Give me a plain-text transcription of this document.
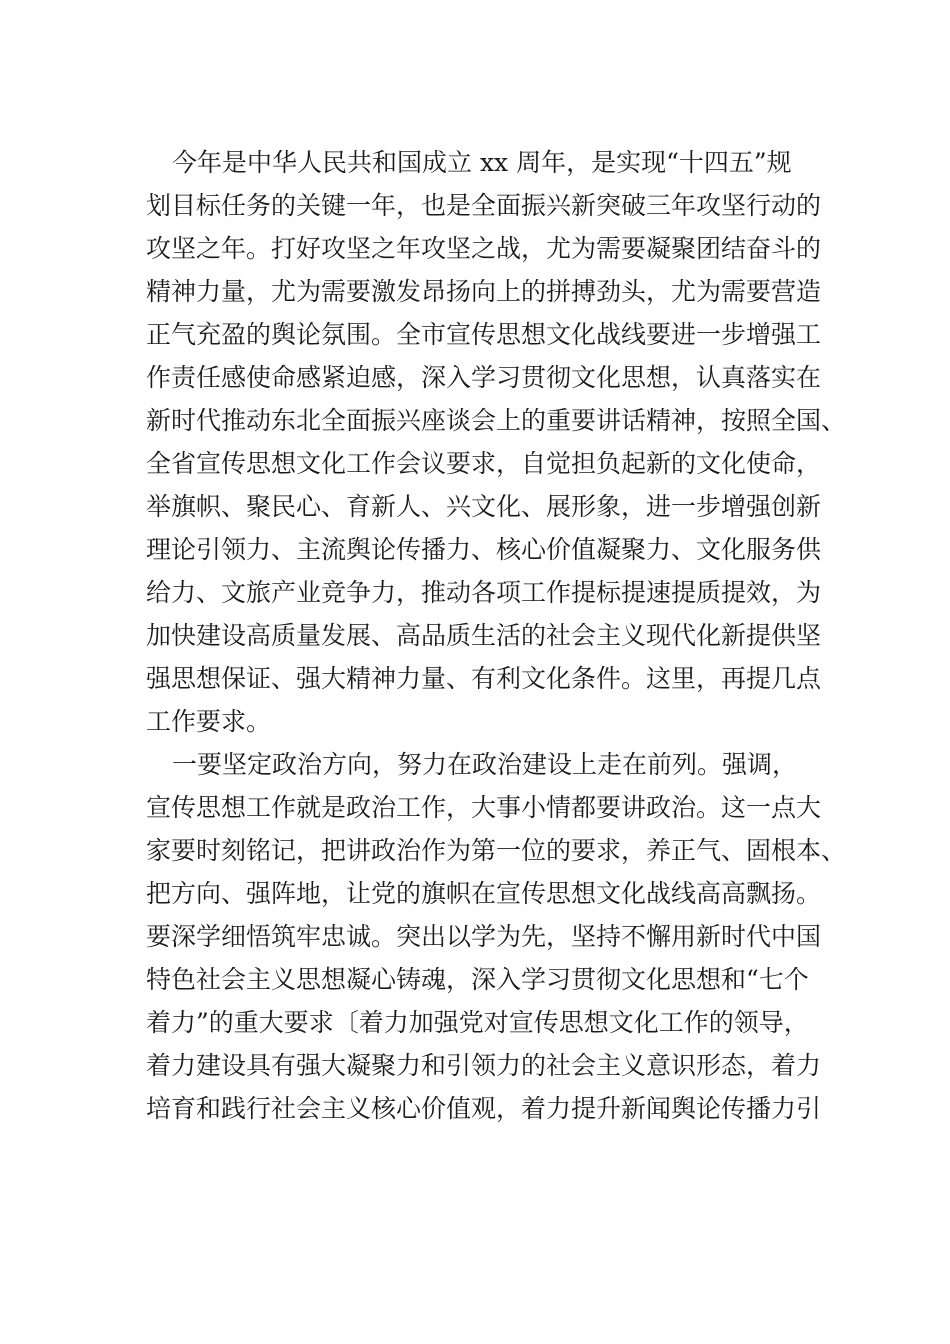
今年是中华人民共和国成立 xx 周年，是实现“十四五”规
划目标任务的关键一年，也是全面振兴新突破三年攻坚行动的
攻坚之年。打好攻坚之年攻坚之战，尤为需要凝聚团结奋斗的
精神力量，尤为需要激发昂扬向上的拼搏劲头，尤为需要营造
正气充盈的舆论氛围。全市宣传思想文化战线要进一步增强工
作责任感使命感紧迫感，深入学习贯彻文化思想，认真落实在
新时代推动东北全面振兴座谈会上的重要讲话精神，按照全国、
全省宣传思想文化工作会议要求，自觉担负起新的文化使命，
举旗帜、聚民心、育新人、兴文化、展形象，进一步增强创新
理论引领力、主流舆论传播力、核心价值凝聚力、文化服务供
给力、文旅产业竞争力，推动各项工作提标提速提质提效，为
加快建设高质量发展、高品质生活的社会主义现代化新提供坚
强思想保证、强大精神力量、有利文化条件。这里，再提几点
工作要求。
一要坚定政治方向，努力在政治建设上走在前列。强调，
宣传思想工作就是政治工作，大事小情都要讲政治。这一点大
家要时刻铭记，把讲政治作为第一位的要求，养正气、固根本、
把方向、强阵地，让党的旗帜在宣传思想文化战线高高飘扬。
要深学细悟筑牢忠诚。突出以学为先，坚持不懈用新时代中国
特色社会主义思想凝心铸魂，深入学习贯彻文化思想和“七个
着力”的重大要求〔着力加强党对宣传思想文化工作的领导，
着力建设具有强大凝聚力和引领力的社会主义意识形态，着力
培育和践行社会主义核心价值观，着力提升新闻舆论传播力引
